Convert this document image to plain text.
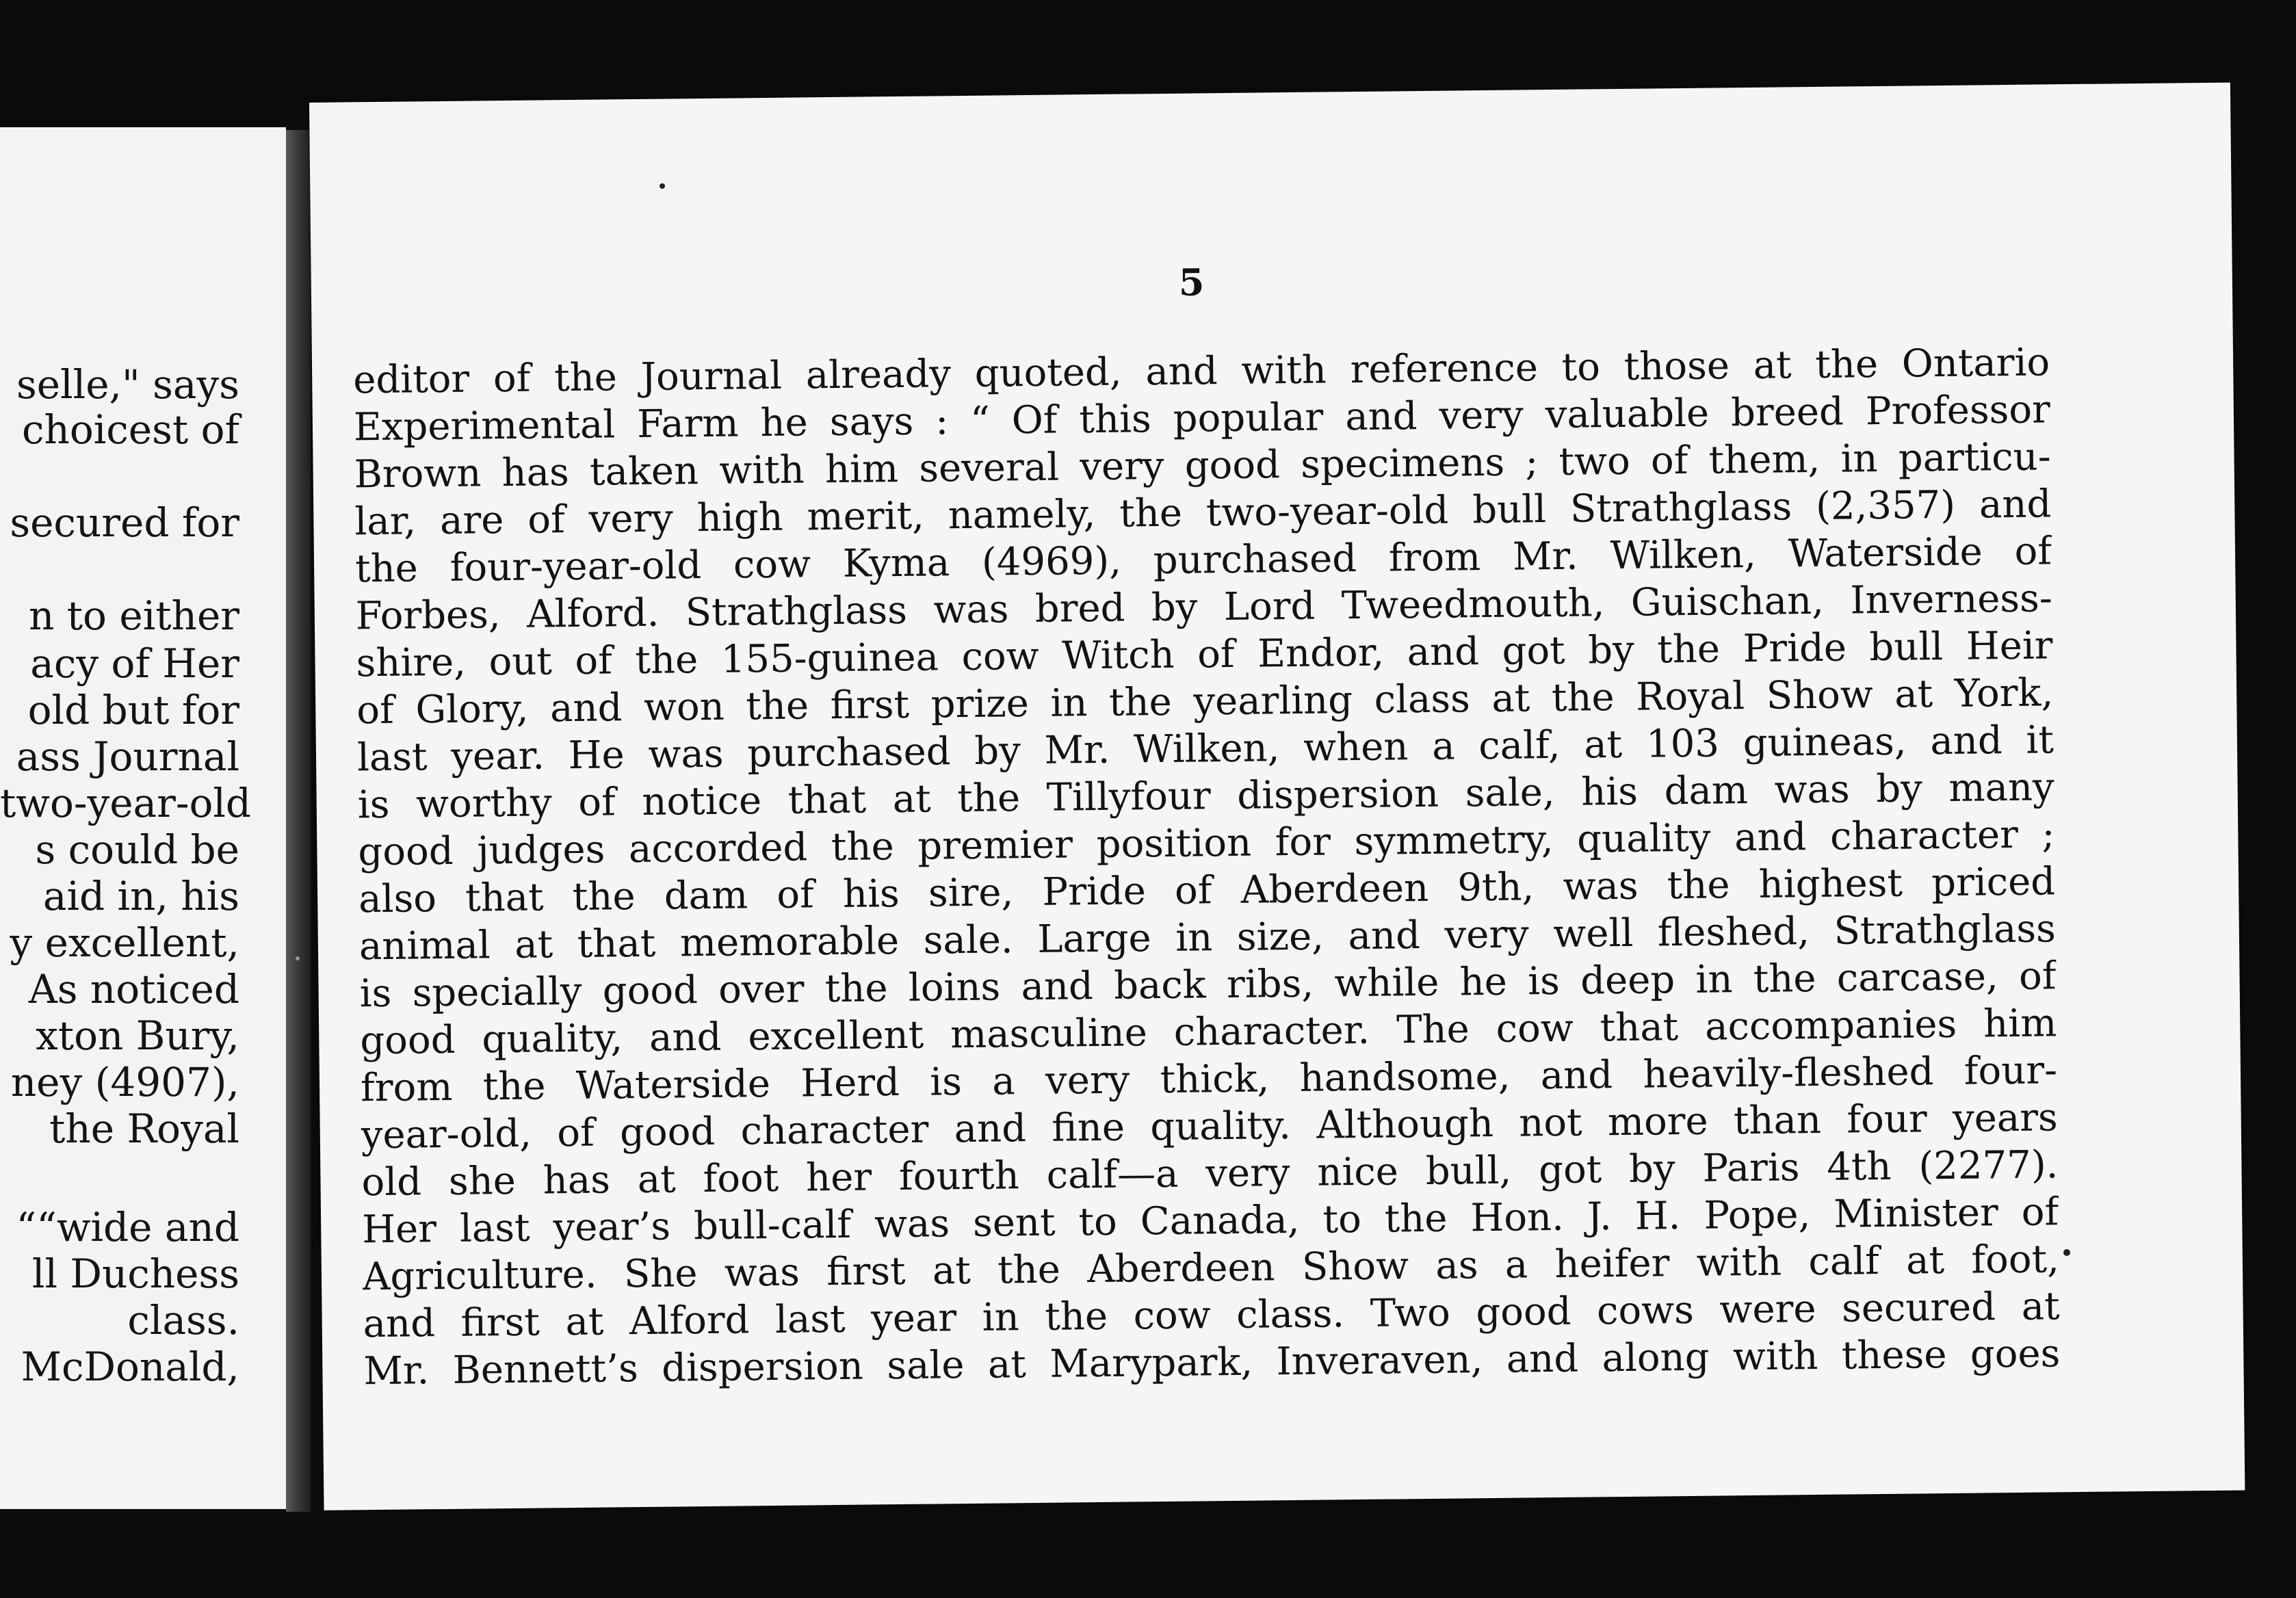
selle," says
choicest of
secured for
n to either
acy of Her
old but for
ass Journal
two-year-old
s could be
aid in, his
y excellent,
As noticed
xton Bury,
ney (4907),
the Royal
““wide and
ll Duchess
class.
McDonald,
5
editor of the Journal already quoted, and with reference to those at the Ontario
Experimental Farm he says : “ Of this popular and very valuable breed Professor
Brown has taken with him several very good specimens ; two of them, in particu-
lar, are of very high merit, namely, the two-year-old bull Strathglass (2,357) and
the four-year-old cow Kyma (4969), purchased from Mr. Wilken, Waterside of
Forbes, Alford. Strathglass was bred by Lord Tweedmouth, Guischan, Inverness-
shire, out of the 155-guinea cow Witch of Endor, and got by the Pride bull Heir
of Glory, and won the first prize in the yearling class at the Royal Show at York,
last year. He was purchased by Mr. Wilken, when a calf, at 103 guineas, and it
is worthy of notice that at the Tillyfour dispersion sale, his dam was by many
good judges accorded the premier position for symmetry, quality and character ;
also that the dam of his sire, Pride of Aberdeen 9th, was the highest priced
animal at that memorable sale. Large in size, and very well fleshed, Strathglass
is specially good over the loins and back ribs, while he is deep in the carcase, of
good quality, and excellent masculine character. The cow that accompanies him
from the Waterside Herd is a very thick, handsome, and heavily-fleshed four-
year-old, of good character and fine quality. Although not more than four years
old she has at foot her fourth calf—a very nice bull, got by Paris 4th (2277).
Her last year’s bull-calf was sent to Canada, to the Hon. J. H. Pope, Minister of
Agriculture. She was first at the Aberdeen Show as a heifer with calf at foot,
and first at Alford last year in the cow class. Two good cows were secured at
Mr. Bennett’s dispersion sale at Marypark, Inveraven, and along with these goes
